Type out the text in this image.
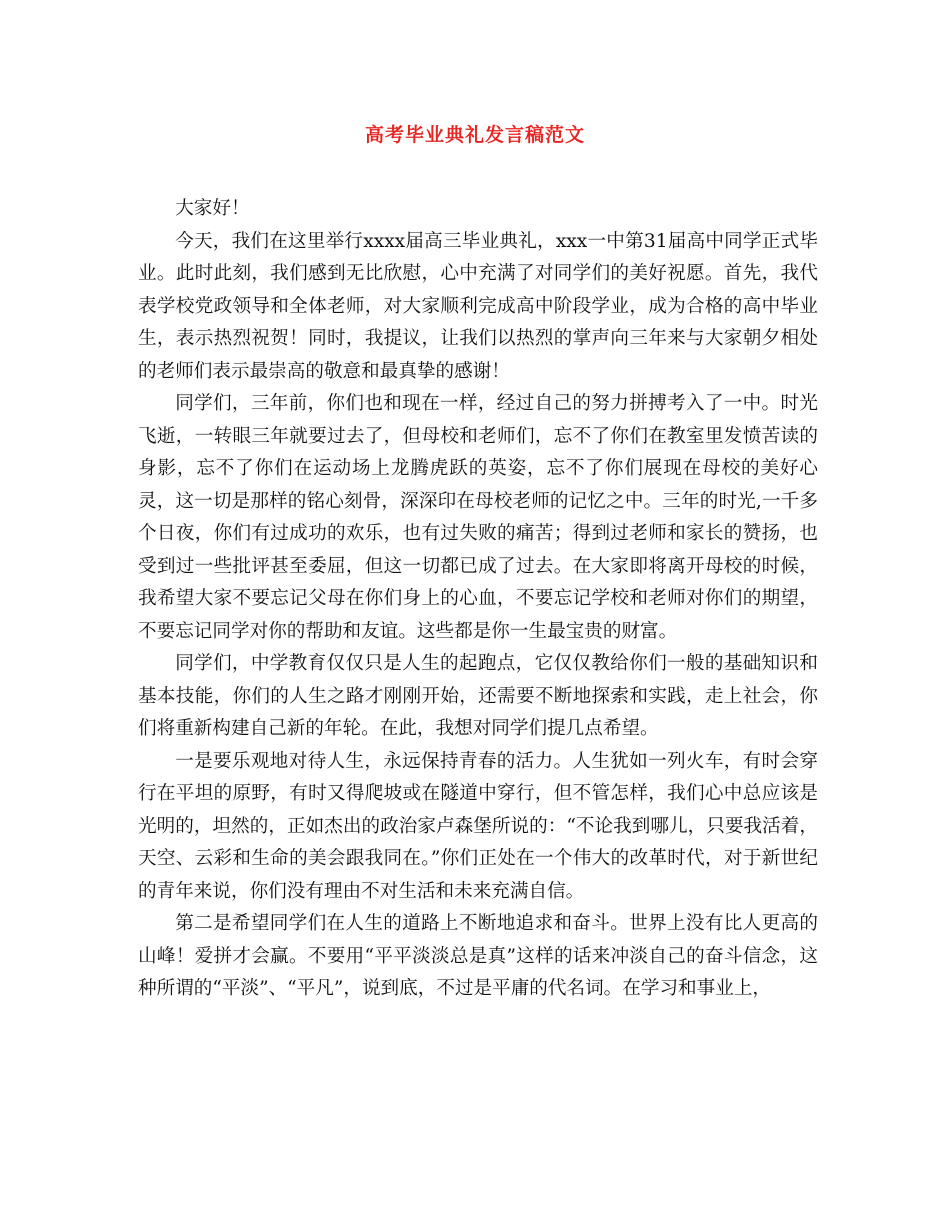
高考毕业典礼发言稿范文

大家好！

今天，我们在这里举行xxxx届高三毕业典礼，xxx一中第31届高中同学正式毕业。此时此刻，我们感到无比欣慰，心中充满了对同学们的美好祝愿。首先，我代表学校党政领导和全体老师，对大家顺利完成高中阶段学业，成为合格的高中毕业生，表示热烈祝贺！同时，我提议，让我们以热烈的掌声向三年来与大家朝夕相处的老师们表示最崇高的敬意和最真挚的感谢！

同学们，三年前，你们也和现在一样，经过自己的努力拼搏考入了一中。时光飞逝，一转眼三年就要过去了，但母校和老师们，忘不了你们在教室里发愤苦读的身影，忘不了你们在运动场上龙腾虎跃的英姿，忘不了你们展现在母校的美好心灵，这一切是那样的铭心刻骨，深深印在母校老师的记忆之中。三年的时光,一千多个日夜，你们有过成功的欢乐，也有过失败的痛苦；得到过老师和家长的赞扬，也受到过一些批评甚至委屈，但这一切都已成了过去。在大家即将离开母校的时候，我希望大家不要忘记父母在你们身上的心血，不要忘记学校和老师对你们的期望，不要忘记同学对你的帮助和友谊。这些都是你一生最宝贵的财富。

同学们，中学教育仅仅只是人生的起跑点，它仅仅教给你们一般的基础知识和基本技能，你们的人生之路才刚刚开始，还需要不断地探索和实践，走上社会，你们将重新构建自己新的年轮。在此，我想对同学们提几点希望。

一是要乐观地对待人生，永远保持青春的活力。人生犹如一列火车，有时会穿行在平坦的原野，有时又得爬坡或在隧道中穿行，但不管怎样，我们心中总应该是光明的，坦然的，正如杰出的政治家卢森堡所说的：“不论我到哪儿，只要我活着，天空、云彩和生命的美会跟我同在。”你们正处在一个伟大的改革时代，对于新世纪的青年来说，你们没有理由不对生活和未来充满自信。

第二是希望同学们在人生的道路上不断地追求和奋斗。世界上没有比人更高的山峰！爱拼才会赢。不要用“平平淡淡总是真”这样的话来冲淡自己的奋斗信念，这种所谓的“平淡”、“平凡”，说到底，不过是平庸的代名词。在学习和事业上，
